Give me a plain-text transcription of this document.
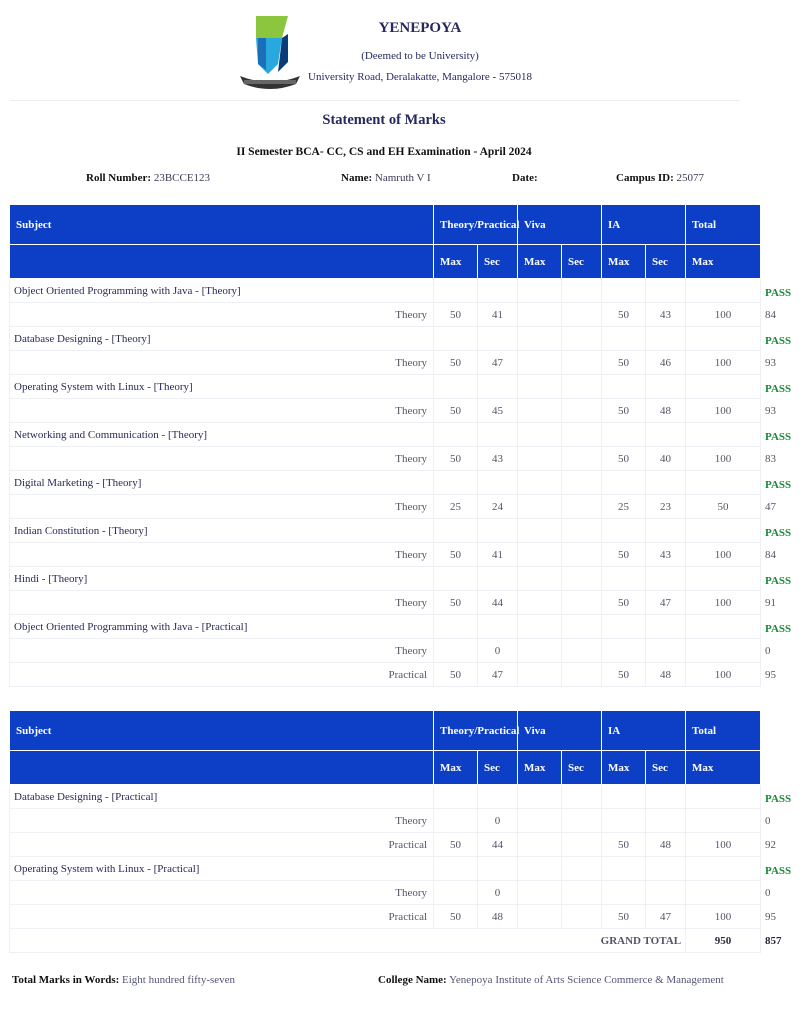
YENEPOYA
(Deemed to be University)
University Road, Deralakatte, Mangalore - 575018
Statement of Marks
II Semester BCA- CC, CS and EH Examination - April 2024
Roll Number: 23BCCE123	Name: Namruth V I	Date:	Campus ID: 25077
Subject	Theory/Practical		Viva		IA		Total	Remarks
	Max	Sec	Max	Sec	Max	Sec	Max	Sec	
Object Oriented Programming with Java - [Theory]									PASS
Theory	50	41			50	43	100	84
Database Designing - [Theory]									PASS
Theory	50	47			50	46	100	93
Operating System with Linux - [Theory]									PASS
Theory	50	45			50	48	100	93
Networking and Communication - [Theory]									PASS
Theory	50	43			50	40	100	83
Digital Marketing - [Theory]									PASS
Theory	25	24			25	23	50	47
Indian Constitution - [Theory]									PASS
Theory	50	41			50	43	100	84
Hindi - [Theory]									PASS
Theory	50	44			50	47	100	91
Object Oriented Programming with Java - [Practical]									PASS
Theory		0						0
Practical	50	47			50	48	100	95
Subject	Theory/Practical		Viva		IA		Total	Remarks
	Max	Sec	Max	Sec	Max	Sec	Max	Sec	
Database Designing - [Practical]									PASS
Theory		0						0
Practical	50	44			50	48	100	92
Operating System with Linux - [Practical]									PASS
Theory		0						0
Practical	50	48			50	47	100	95
GRAND TOTAL							950	857	
Total Marks in Words: Eight hundred fifty-seven	College Name: Yenepoya Institute of Arts Science Commerce & Management
